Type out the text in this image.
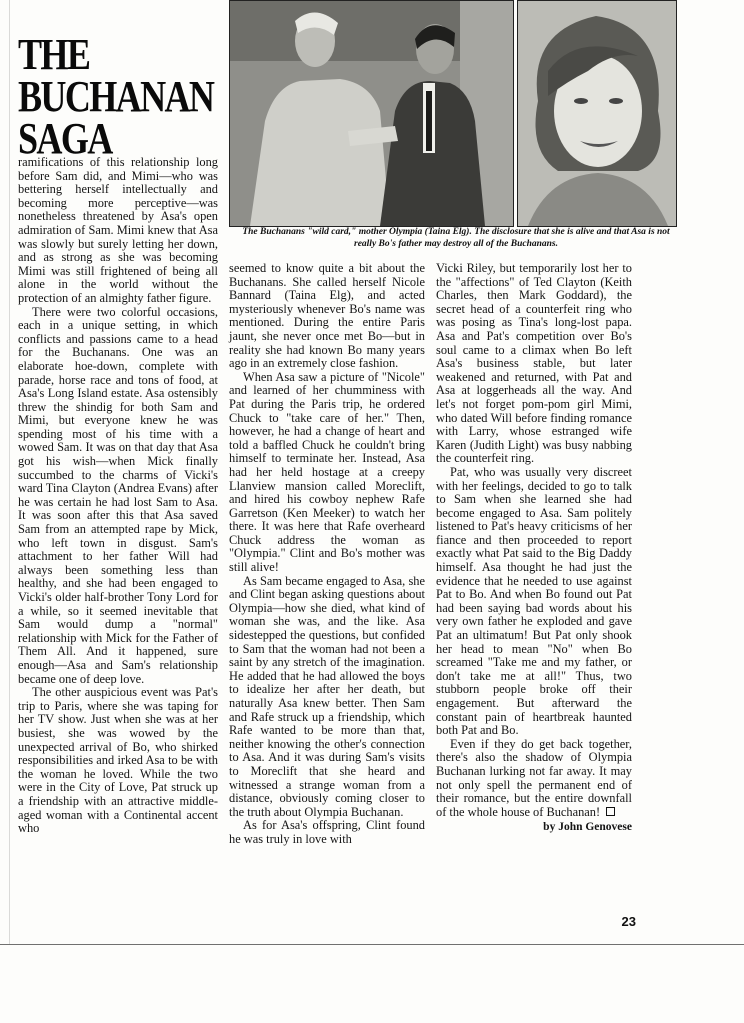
THE
BUCHANAN
SAGA
The Buchanans "wild card," mother Olympia (Taina Elg). The disclosure that she is alive and that Asa is not really Bo's father may destroy all of the Buchanans.

ramifications of this relationship long before Sam did, and Mimi—who was bettering herself intellectually and becoming more perceptive—was nonetheless threatened by Asa's open admiration of Sam. Mimi knew that Asa was slowly but surely letting her down, and as strong as she was becoming Mimi was still frightened of being all alone in the world without the protection of an almighty father figure.

There were two colorful occasions, each in a unique setting, in which conflicts and passions came to a head for the Buchanans. One was an elaborate hoe-down, complete with parade, horse race and tons of food, at Asa's Long Island estate. Asa ostensibly threw the shindig for both Sam and Mimi, but everyone knew he was spending most of his time with a wowed Sam. It was on that day that Asa got his wish—when Mick finally succumbed to the charms of Vicki's ward Tina Clayton (Andrea Evans) after he was certain he had lost Sam to Asa. It was soon after this that Asa saved Sam from an attempted rape by Mick, who left town in disgust. Sam's attachment to her father Will had always been something less than healthy, and she had been engaged to Vicki's older half-brother Tony Lord for a while, so it seemed inevitable that Sam would dump a "normal" relationship with Mick for the Father of Them All. And it happened, sure enough—Asa and Sam's relationship became one of deep love.

The other auspicious event was Pat's trip to Paris, where she was taping for her TV show. Just when she was at her busiest, she was wowed by the unexpected arrival of Bo, who shirked responsibilities and irked Asa to be with the woman he loved. While the two were in the City of Love, Pat struck up a friendship with an attractive middle-aged woman with a Continental accent who

seemed to know quite a bit about the Buchanans. She called herself Nicole Bannard (Taina Elg), and acted mysteriously whenever Bo's name was mentioned. During the entire Paris jaunt, she never once met Bo—but in reality she had known Bo many years ago in an extremely close fashion.

When Asa saw a picture of "Nicole" and learned of her chumminess with Pat during the Paris trip, he ordered Chuck to "take care of her." Then, however, he had a change of heart and told a baffled Chuck he couldn't bring himself to terminate her. Instead, Asa had her held hostage at a creepy Llanview mansion called Moreclift, and hired his cowboy nephew Rafe Garretson (Ken Meeker) to watch her there. It was here that Rafe overheard Chuck address the woman as "Olympia." Clint and Bo's mother was still alive!

As Sam became engaged to Asa, she and Clint began asking questions about Olympia—how she died, what kind of woman she was, and the like. Asa sidestepped the questions, but confided to Sam that the woman had not been a saint by any stretch of the imagination. He added that he had allowed the boys to idealize her after her death, but naturally Asa knew better. Then Sam and Rafe struck up a friendship, which Rafe wanted to be more than that, neither knowing the other's connection to Asa. And it was during Sam's visits to Moreclift that she heard and witnessed a strange woman from a distance, obviously coming closer to the truth about Olympia Buchanan.

As for Asa's offspring, Clint found he was truly in love with

Vicki Riley, but temporarily lost her to the "affections" of Ted Clayton (Keith Charles, then Mark Goddard), the secret head of a counterfeit ring who was posing as Tina's long-lost papa. Asa and Pat's competition over Bo's soul came to a climax when Bo left Asa's business stable, but later weakened and returned, with Pat and Asa at loggerheads all the way. And let's not forget pom-pom girl Mimi, who dated Will before finding romance with Larry, whose estranged wife Karen (Judith Light) was busy nabbing the counterfeit ring.

Pat, who was usually very discreet with her feelings, decided to go to talk to Sam when she learned she had become engaged to Asa. Sam politely listened to Pat's heavy criticisms of her fiance and then proceeded to report exactly what Pat said to the Big Daddy himself. Asa thought he had just the evidence that he needed to use against Pat to Bo. And when Bo found out Pat had been saying bad words about his very own father he exploded and gave Pat an ultimatum! But Pat only shook her head to mean "No" when Bo screamed "Take me and my father, or don't take me at all!" Thus, two stubborn people broke off their engagement. But afterward the constant pain of heartbreak haunted both Pat and Bo.

Even if they do get back together, there's also the shadow of Olympia Buchanan lurking not far away. It may not only spell the permanent end of their romance, but the entire downfall of the whole house of Buchanan!

by John Genovese
23
